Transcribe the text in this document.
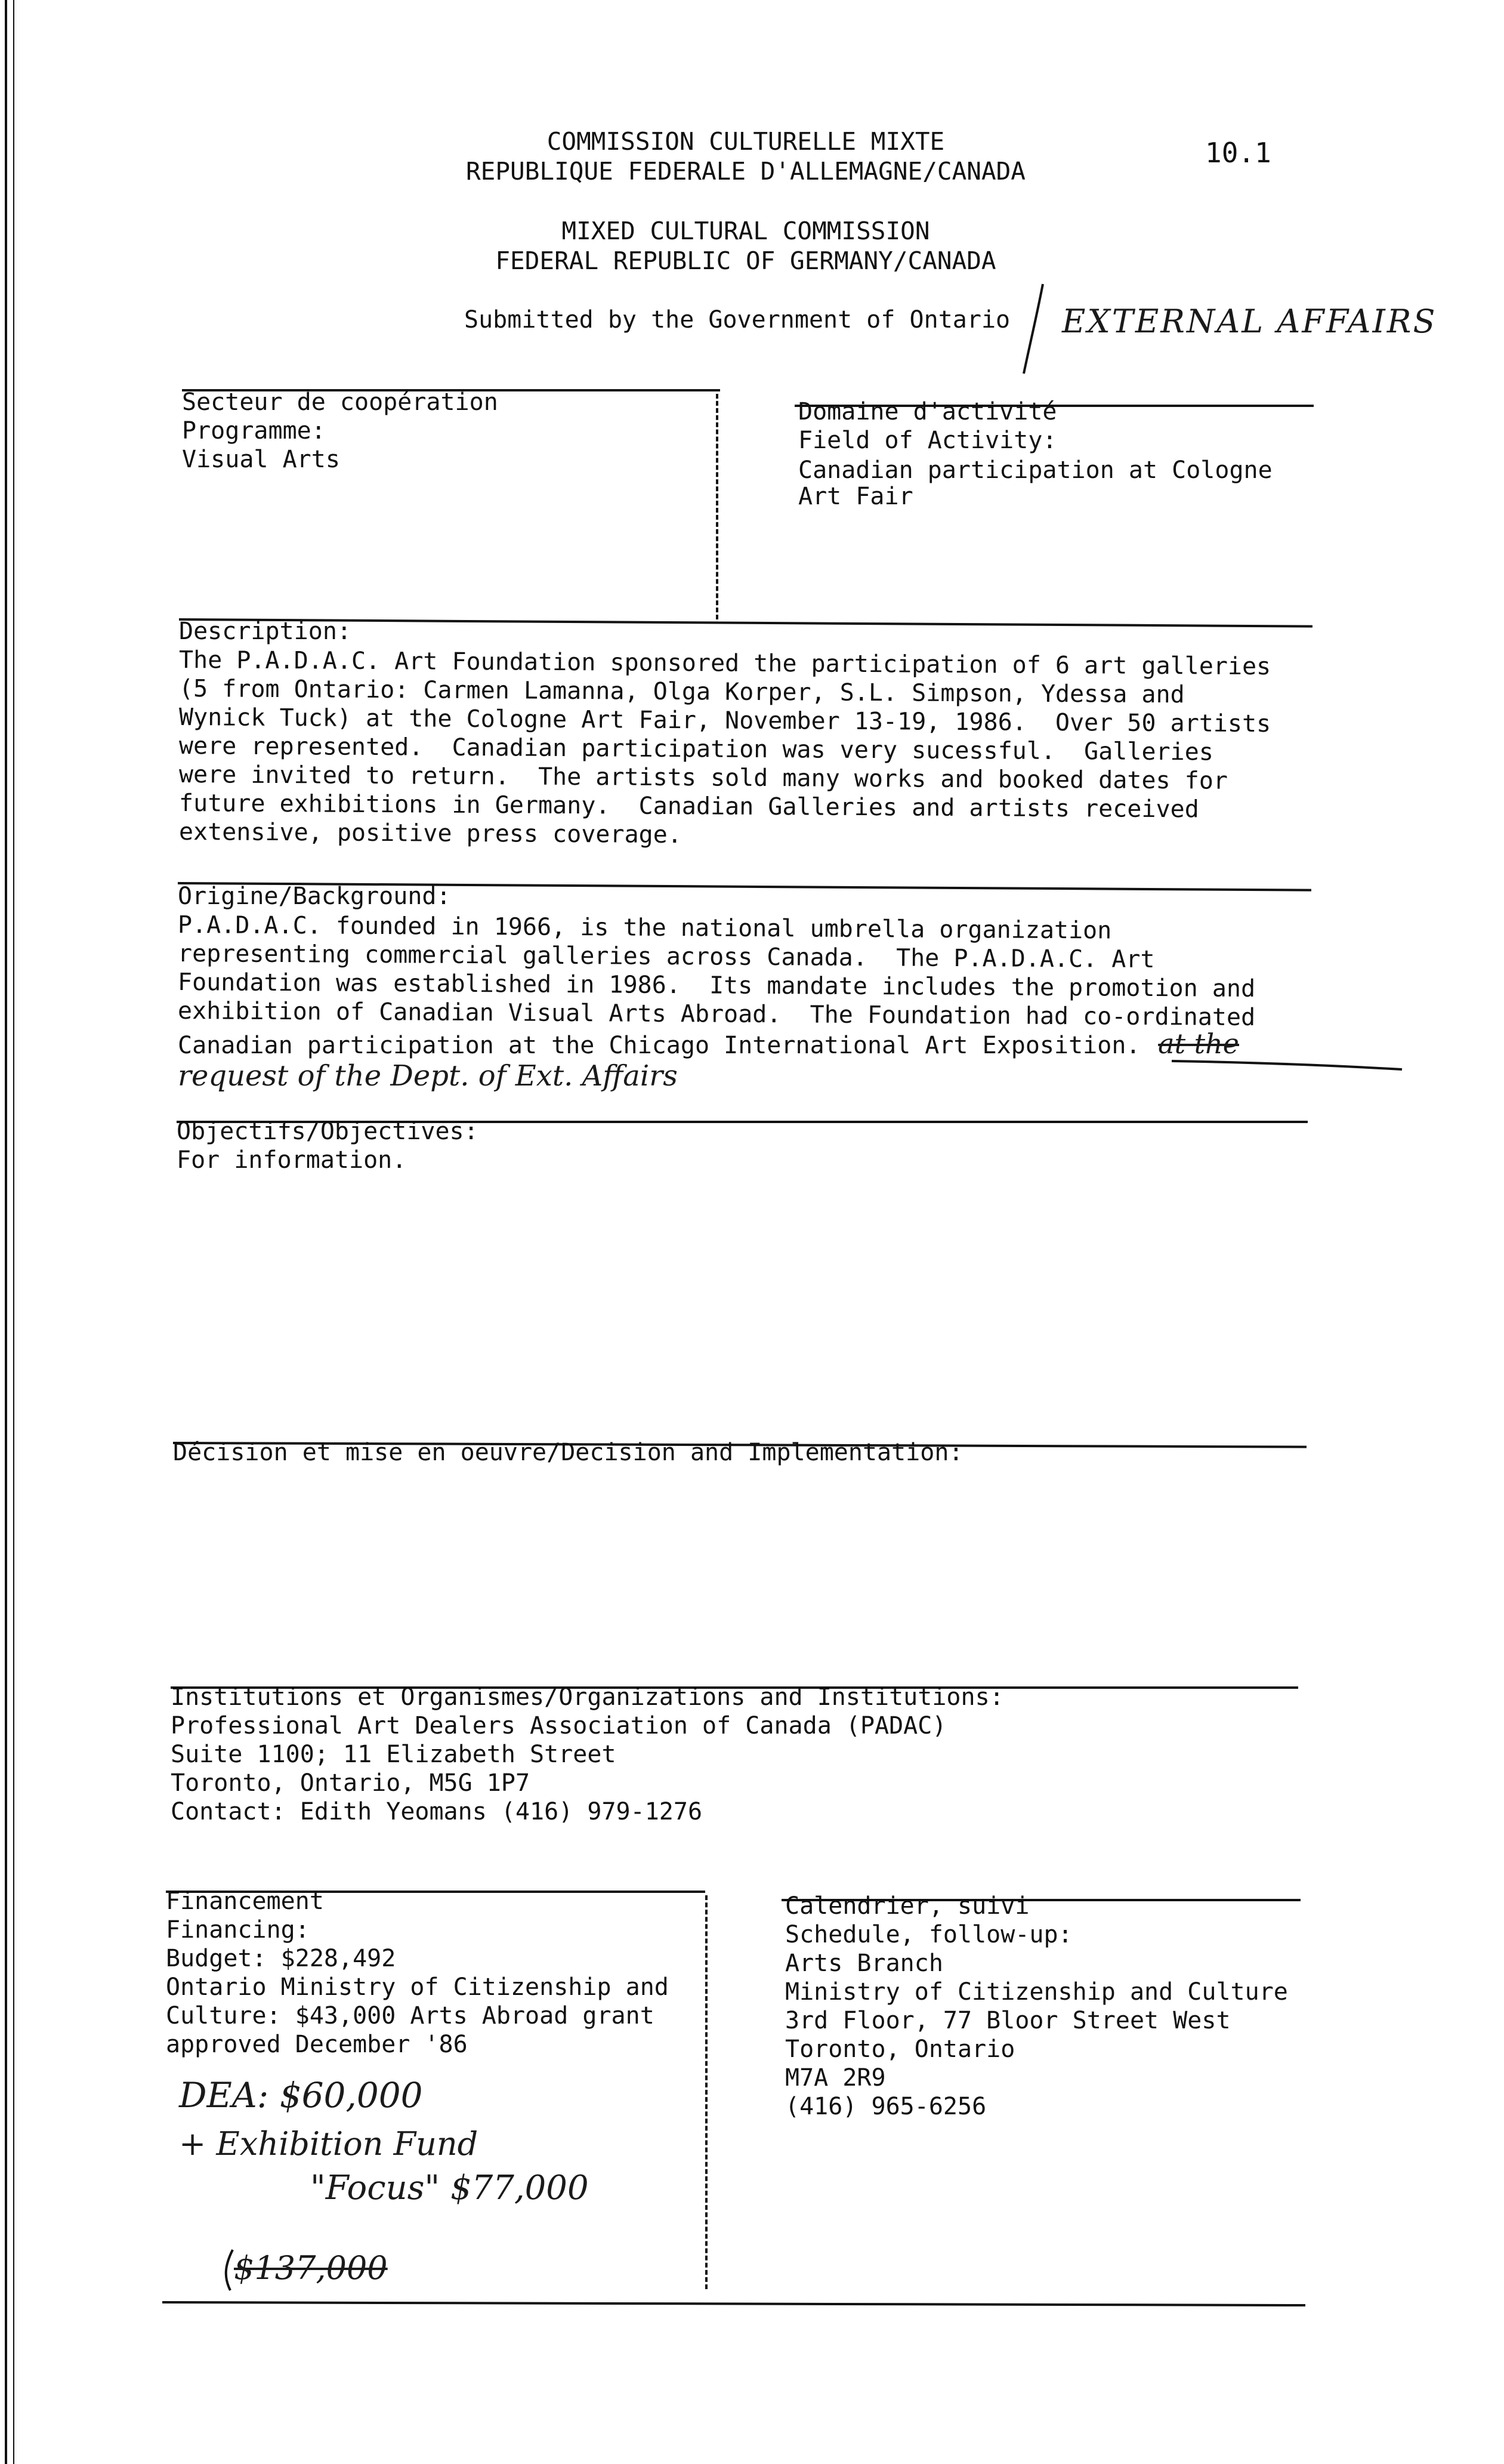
COMMISSION CULTURELLE MIXTE
REPUBLIQUE FEDERALE D'ALLEMAGNE/CANADA
10.1
MIXED CULTURAL COMMISSION
FEDERAL REPUBLIC OF GERMANY/CANADA
Submitted by the Government of Ontario EXTERNAL AFFAIRS
Secteur de coopération
Programme:
Visual Arts
Domaine d'activité
Field of Activity:
Canadian participation at Cologne
Art Fair
Description:
The P.A.D.A.C. Art Foundation sponsored the participation of 6 art galleries
(5 from Ontario: Carmen Lamanna, Olga Korper, S.L. Simpson, Ydessa and
Wynick Tuck) at the Cologne Art Fair, November 13-19, 1986.  Over 50 artists
were represented.  Canadian participation was very sucessful.  Galleries
were invited to return.  The artists sold many works and booked dates for
future exhibitions in Germany.  Canadian Galleries and artists received
extensive, positive press coverage.
Origine/Background:
P.A.D.A.C. founded in 1966, is the national umbrella organization
representing commercial galleries across Canada.  The P.A.D.A.C. Art
Foundation was established in 1986.  Its mandate includes the promotion and
exhibition of Canadian Visual Arts Abroad.  The Foundation had co-ordinated
Canadian participation at the Chicago International Art Exposition. at the
request of the Dept. of Ext. Affairs
Objectifs/Objectives:
For information.
Décision et mise en oeuvre/Decision and Implementation:
Institutions et Organismes/Organizations and Institutions:
Professional Art Dealers Association of Canada (PADAC)
Suite 1100; 11 Elizabeth Street
Toronto, Ontario, M5G 1P7
Contact: Edith Yeomans (416) 979-1276
Financement
Financing:
Budget: $228,492
Ontario Ministry of Citizenship and
Culture: $43,000 Arts Abroad grant
approved December '86
DEA: $60,000
+ Exhibition Fund
"Focus" $77,000
$137,000
Calendrier, suivi
Schedule, follow-up:
Arts Branch
Ministry of Citizenship and Culture
3rd Floor, 77 Bloor Street West
Toronto, Ontario
M7A 2R9
(416) 965-6256
